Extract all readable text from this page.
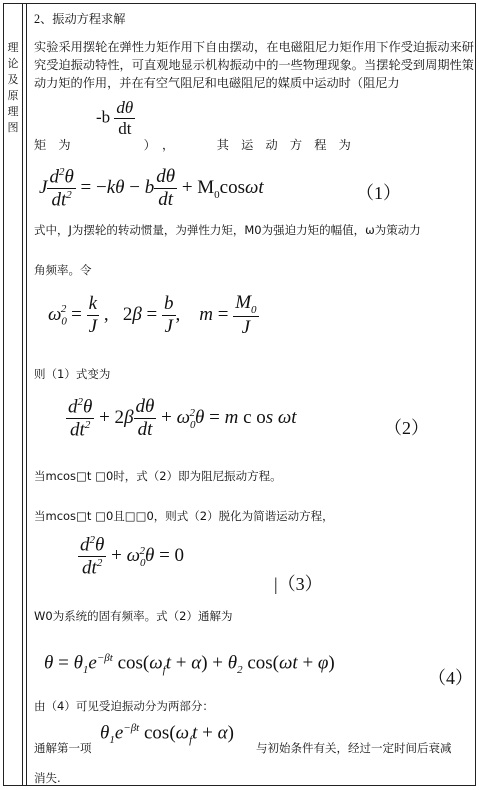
理论及原理图
2、振动方程求解
实验采用摆轮在弹性力矩作用下自由摆动，在电磁阻尼力矩作用下作受迫振动来研究受迫振动特性，可直观地显示机构振动中的一些物理现象。当摆轮受到周期性策动力矩的作用，并在有空气阻尼和电磁阻尼的媒质中运动时（阻尼力
$-b \frac{d\theta}{dt}$
矩　为　　　　　　）　，　　　　其　运　动　方　程　为
J $\frac{d^2\theta}{dt^2} = -k\theta - b \frac{d\theta}{dt} + M_0\cos\omega t$	（1）
式中，J为摆轮的转动惯量，为弹性力矩，M0为强迫力矩的幅值，ω为策动力
角频率。令
$\omega_0^2 = \frac{k}{J}$ ,   $2\beta = \frac{b}{J}$ ,    $m = \frac{M_0}{J}$
则（1）式变为
$\frac{d^2\theta}{dt^2} + 2\beta \frac{d\theta}{dt} + \omega_0^2\theta = m$ c os ωt	（2）
当mcos□t □0时，式（2）即为阻尼振动方程。
当mcos□t □0且□□0，则式（2）脱化为简谐运动方程，
$\frac{d^2\theta}{dt^2} + \omega_0^2\theta = 0$
|（3）
W0为系统的固有频率。式（2）通解为
$\theta = \theta_1e^{-\beta t}$ $\cos(\omega_ft + \alpha) + \theta_2$ cos(ωt + φ)
（4）
由（4）可见受迫振动分为两部分：
通解第一项
$\theta_1e^{-\beta t}$ $\cos(\omega_ft + \alpha)$
与初始条件有关，经过一定时间后衰减
消失.
